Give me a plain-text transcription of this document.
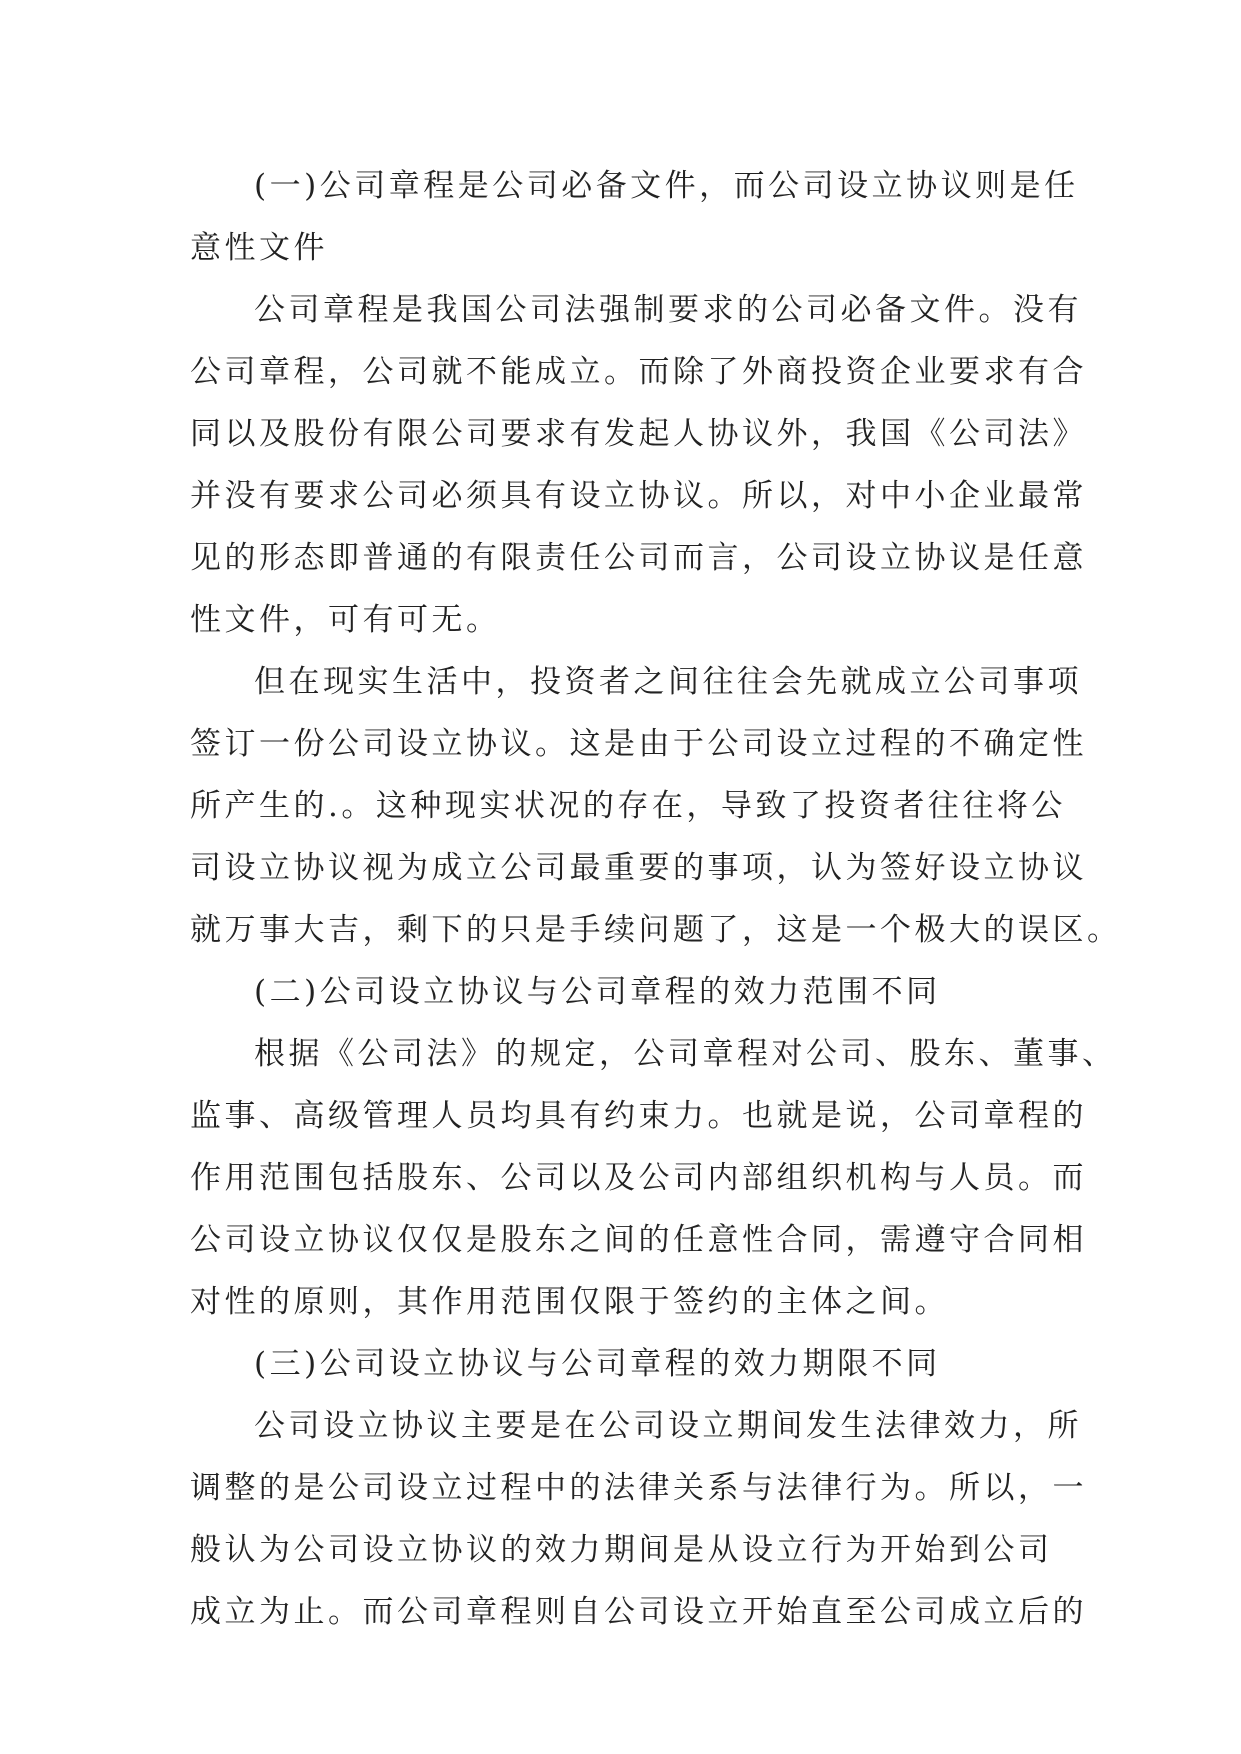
(一)公司章程是公司必备文件，而公司设立协议则是任
意性文件
公司章程是我国公司法强制要求的公司必备文件。没有
公司章程，公司就不能成立。而除了外商投资企业要求有合
同以及股份有限公司要求有发起人协议外，我国《公司法》
并没有要求公司必须具有设立协议。所以，对中小企业最常
见的形态即普通的有限责任公司而言，公司设立协议是任意
性文件，可有可无。
但在现实生活中，投资者之间往往会先就成立公司事项
签订一份公司设立协议。这是由于公司设立过程的不确定性
所产生的.。这种现实状况的存在，导致了投资者往往将公
司设立协议视为成立公司最重要的事项，认为签好设立协议
就万事大吉，剩下的只是手续问题了，这是一个极大的误区。
(二)公司设立协议与公司章程的效力范围不同
根据《公司法》的规定，公司章程对公司、股东、董事、
监事、高级管理人员均具有约束力。也就是说，公司章程的
作用范围包括股东、公司以及公司内部组织机构与人员。而
公司设立协议仅仅是股东之间的任意性合同，需遵守合同相
对性的原则，其作用范围仅限于签约的主体之间。
(三)公司设立协议与公司章程的效力期限不同
公司设立协议主要是在公司设立期间发生法律效力，所
调整的是公司设立过程中的法律关系与法律行为。所以，一
般认为公司设立协议的效力期间是从设立行为开始到公司
成立为止。而公司章程则自公司设立开始直至公司成立后的
